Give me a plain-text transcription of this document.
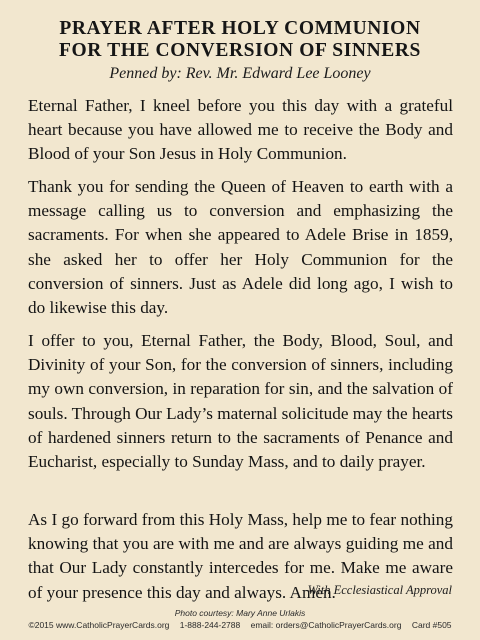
PRAYER AFTER HOLY COMMUNION
FOR THE CONVERSION OF SINNERS
Penned by: Rev. Mr. Edward Lee Looney
Eternal Father, I kneel before you this day with a grateful heart because you have allowed me to receive the Body and Blood of your Son Jesus in Holy Communion.
Thank you for sending the Queen of Heaven to earth with a message calling us to conversion and emphasizing the sacraments. For when she appeared to Adele Brise in 1859, she asked her to offer her Holy Communion for the conversion of sinners. Just as Adele did long ago, I wish to do likewise this day.
I offer to you, Eternal Father, the Body, Blood, Soul, and Divinity of your Son, for the conversion of sinners, including my own conversion, in reparation for sin, and the salvation of souls. Through Our Lady’s maternal solicitude may the hearts of hardened sinners return to the sacraments of Penance and Eucharist, especially to Sunday Mass, and to daily prayer.
As I go forward from this Holy Mass, help me to fear nothing knowing that you are with me and are always guiding me and that Our Lady constantly intercedes for me. Make me aware of your presence this day and always. Amen.
With Ecclesiastical Approval
Photo courtesy: Mary Anne Urlakis
©2015 www.CatholicPrayerCards.org 1-888-244-2788 email: orders@CatholicPrayerCards.org Card #505
